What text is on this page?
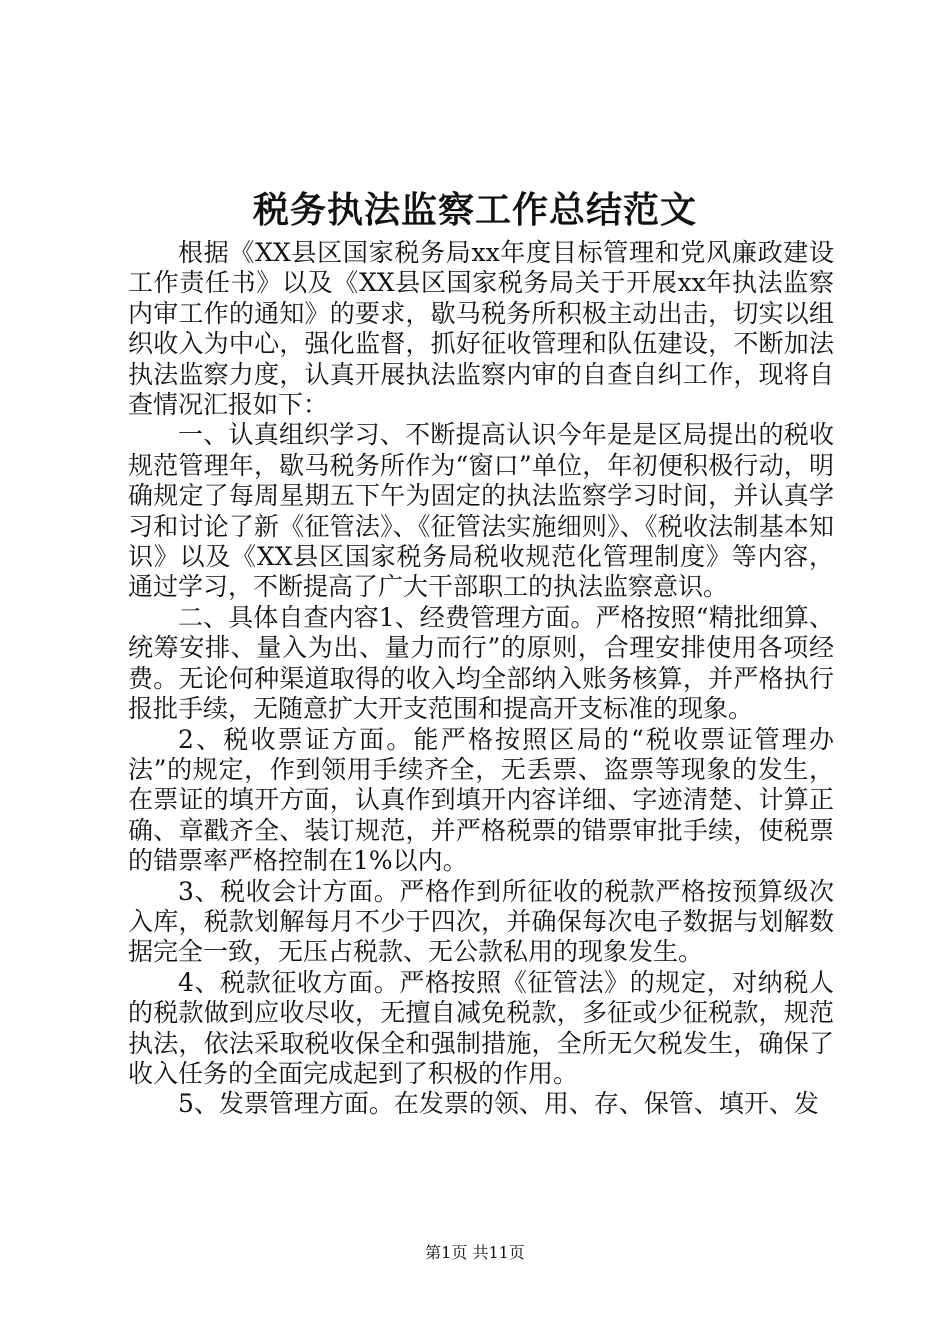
税务执法监察工作总结范文

根据《XX县区国家税务局xx年度目标管理和党风廉政建设工作责任书》以及《XX县区国家税务局关于开展xx年执法监察内审工作的通知》的要求，歇马税务所积极主动出击，切实以组织收入为中心，强化监督，抓好征收管理和队伍建设，不断加法执法监察力度，认真开展执法监察内审的自查自纠工作，现将自查情况汇报如下：

一、认真组织学习、不断提高认识今年是是区局提出的税收规范管理年，歇马税务所作为“窗口”单位，年初便积极行动，明确规定了每周星期五下午为固定的执法监察学习时间，并认真学习和讨论了新《征管法》、《征管法实施细则》、《税收法制基本知识》以及《XX县区国家税务局税收规范化管理制度》等内容，通过学习，不断提高了广大干部职工的执法监察意识。

二、具体自查内容1、经费管理方面。严格按照“精批细算、统筹安排、量入为出、量力而行”的原则，合理安排使用各项经费。无论何种渠道取得的收入均全部纳入账务核算，并严格执行报批手续，无随意扩大开支范围和提高开支标准的现象。

2、税收票证方面。能严格按照区局的“税收票证管理办法”的规定，作到领用手续齐全，无丢票、盗票等现象的发生，在票证的填开方面，认真作到填开内容详细、字迹清楚、计算正确、章戳齐全、装订规范，并严格税票的错票审批手续，使税票的错票率严格控制在1%以内。

3、税收会计方面。严格作到所征收的税款严格按预算级次入库，税款划解每月不少于四次，并确保每次电子数据与划解数据完全一致，无压占税款、无公款私用的现象发生。

4、税款征收方面。严格按照《征管法》的规定，对纳税人的税款做到应收尽收，无擅自减免税款，多征或少征税款，规范执法，依法采取税收保全和强制措施，全所无欠税发生，确保了收入任务的全面完成起到了积极的作用。

5、发票管理方面。在发票的领、用、存、保管、填开、发

第1页 共11页
